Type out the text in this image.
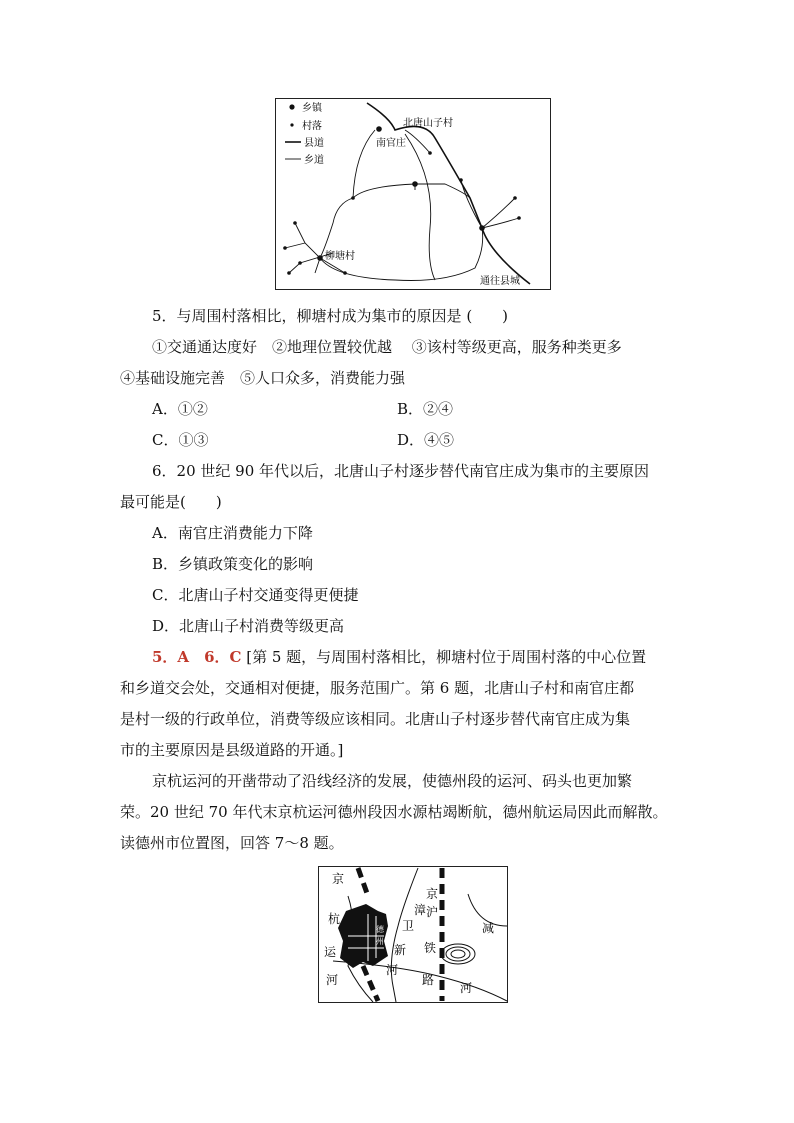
乡镇
村落
县道
乡道
北唐山子村
南官庄
柳塘村
通往县城
5．与周围村落相比，柳塘村成为集市的原因是 (　　)
①交通通达度好　②地理位置较优越　 ③该村等级更高，服务种类更多
④基础设施完善　⑤人口众多，消费能力强
A．①②	B．②④
C．①③	D．④⑤
6．20 世纪 90 年代以后，北唐山子村逐步替代南官庄成为集市的主要原因
最可能是(　　)
A．南官庄消费能力下降
B．乡镇政策变化的影响
C．北唐山子村交通变得更便捷
D．北唐山子村消费等级更高
5．A　6．C [第 5 题，与周围村落相比，柳塘村位于周围村落的中心位置
和乡道交会处，交通相对便捷，服务范围广。第 6 题，北唐山子村和南官庄都
是村一级的行政单位，消费等级应该相同。北唐山子村逐步替代南官庄成为集
市的主要原因是县级道路的开通。]
京杭运河的开凿带动了沿线经济的发展，使德州段的运河、码头也更加繁
荣。20 世纪 70 年代末京杭运河德州段因水源枯竭断航，德州航运局因此而解散。
读德州市位置图，回答 7～8 题。
京
杭
运
河
漳
卫
新
河
京
沪
铁
路
减
河
德
州
